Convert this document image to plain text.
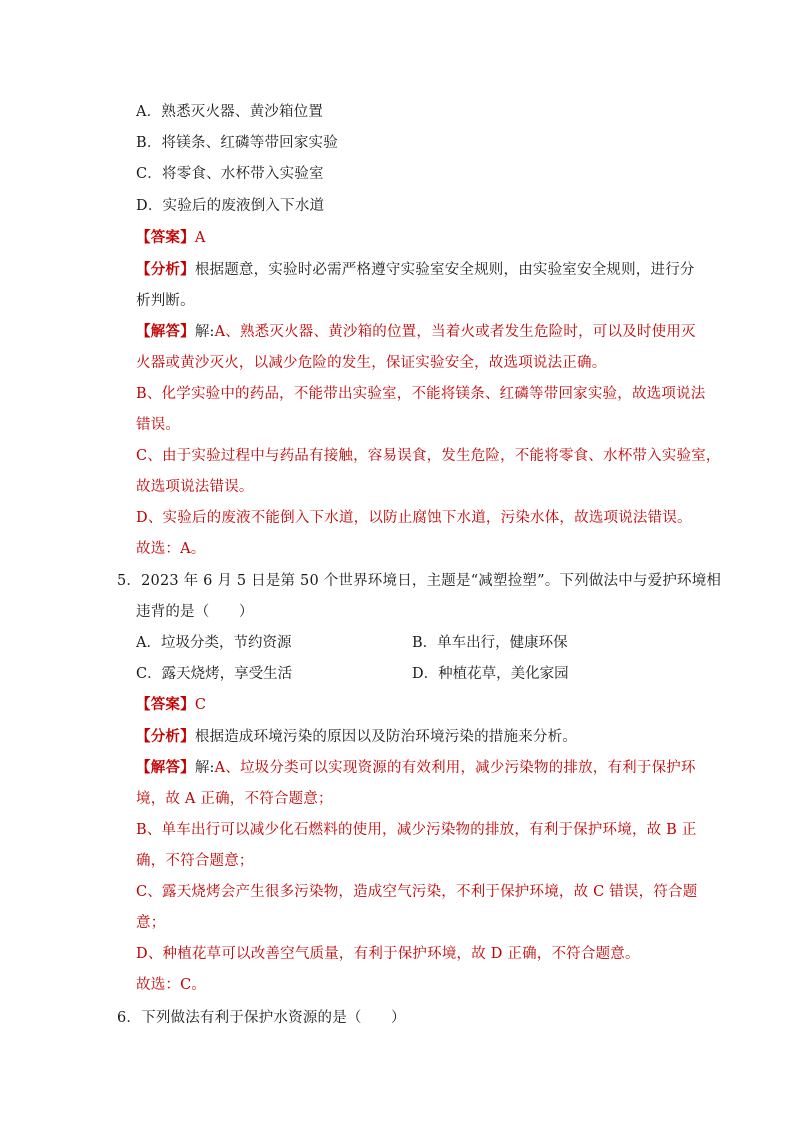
A．熟悉灭火器、黄沙箱位置
B．将镁条、红磷等带回家实验
C．将零食、水杯带入实验室
D．实验后的废液倒入下水道
【答案】A
【分析】根据题意，实验时必需严格遵守实验室安全规则，由实验室安全规则，进行分
析判断。
【解答】解:A、熟悉灭火器、黄沙箱的位置，当着火或者发生危险时，可以及时使用灭
火器或黄沙灭火，以减少危险的发生，保证实验安全，故选项说法正确。
B、化学实验中的药品，不能带出实验室，不能将镁条、红磷等带回家实验，故选项说法
错误。
C、由于实验过程中与药品有接触，容易误食，发生危险，不能将零食、水杯带入实验室，
故选项说法错误。
D、实验后的废液不能倒入下水道，以防止腐蚀下水道，污染水体，故选项说法错误。
故选：A。
5．2023 年 6 月 5 日是第 50 个世界环境日，主题是“减塑捡塑”。下列做法中与爱护环境相
违背的是（　　）
A．垃圾分类，节约资源	B．单车出行，健康环保
C．露天烧烤，享受生活	D．种植花草，美化家园
【答案】C
【分析】根据造成环境污染的原因以及防治环境污染的措施来分析。
【解答】解:A、垃圾分类可以实现资源的有效利用，减少污染物的排放，有利于保护环
境，故 A 正确，不符合题意；
B、单车出行可以减少化石燃料的使用，减少污染物的排放，有利于保护环境，故 B 正
确，不符合题意；
C、露天烧烤会产生很多污染物，造成空气污染，不利于保护环境，故 C 错误，符合题
意；
D、种植花草可以改善空气质量，有利于保护环境，故 D 正确，不符合题意。
故选：C。
6．下列做法有利于保护水资源的是（　　）
